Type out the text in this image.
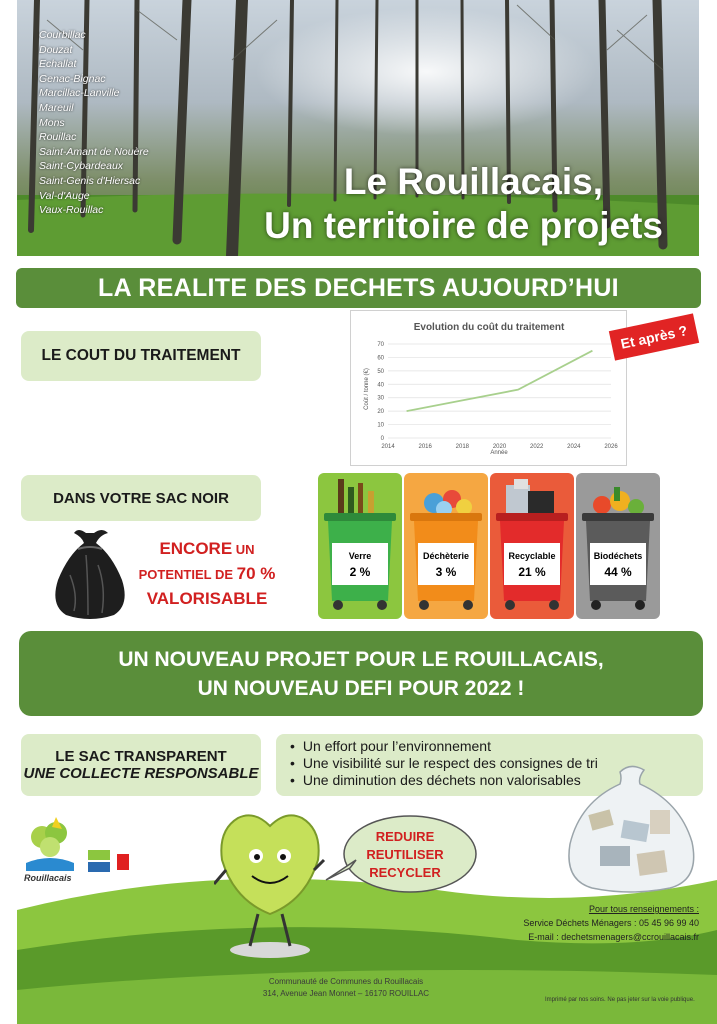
Courbillac
Douzat
Echallat
Genac-Bignac
Marcillac-Lanville
Mareuil
Mons
Rouillac
Saint-Amant de Nouère
Saint-Cybardeaux
Saint-Genis d'Hiersac
Val-d'Auge
Vaux-Rouillac
Le Rouillacais,
Un territoire de projets
LA REALITE DES DECHETS AUJOURD’HUI
LE COUT DU TRAITEMENT
Evolution du coût du traitement
Année
Coût / tonne (€)
0
10
20
30
40
50
60
70
2014	2016	2018	2020	2022	2024	2026
Et après ?
DANS VOTRE SAC NOIR
ENCORE UN
POTENTIEL DE 70 %
VALORISABLE
Verre
2 %
Déchèterie
3 %
Recyclable
21 %
Biodéchets
44 %
UN NOUVEAU PROJET POUR LE ROUILLACAIS,
UN NOUVEAU DEFI POUR 2022 !
LE SAC TRANSPARENT
UNE COLLECTE RESPONSABLE
• Un effort pour l’environnement
• Une visibilité sur le respect des consignes de tri
• Une diminution des déchets non valorisables
Rouillacais
REDUIRE
REUTILISER
RECYCLER
Pour tous renseignements :
Service Déchets Ménagers : 05 45 96 99 40
E-mail : dechetsmenagers@ccrouillacais.fr
Communauté de Communes du Rouillacais
314, Avenue Jean Monnet – 16170 ROUILLAC
Imprimé par nos soins. Ne pas jeter sur la voie publique.
